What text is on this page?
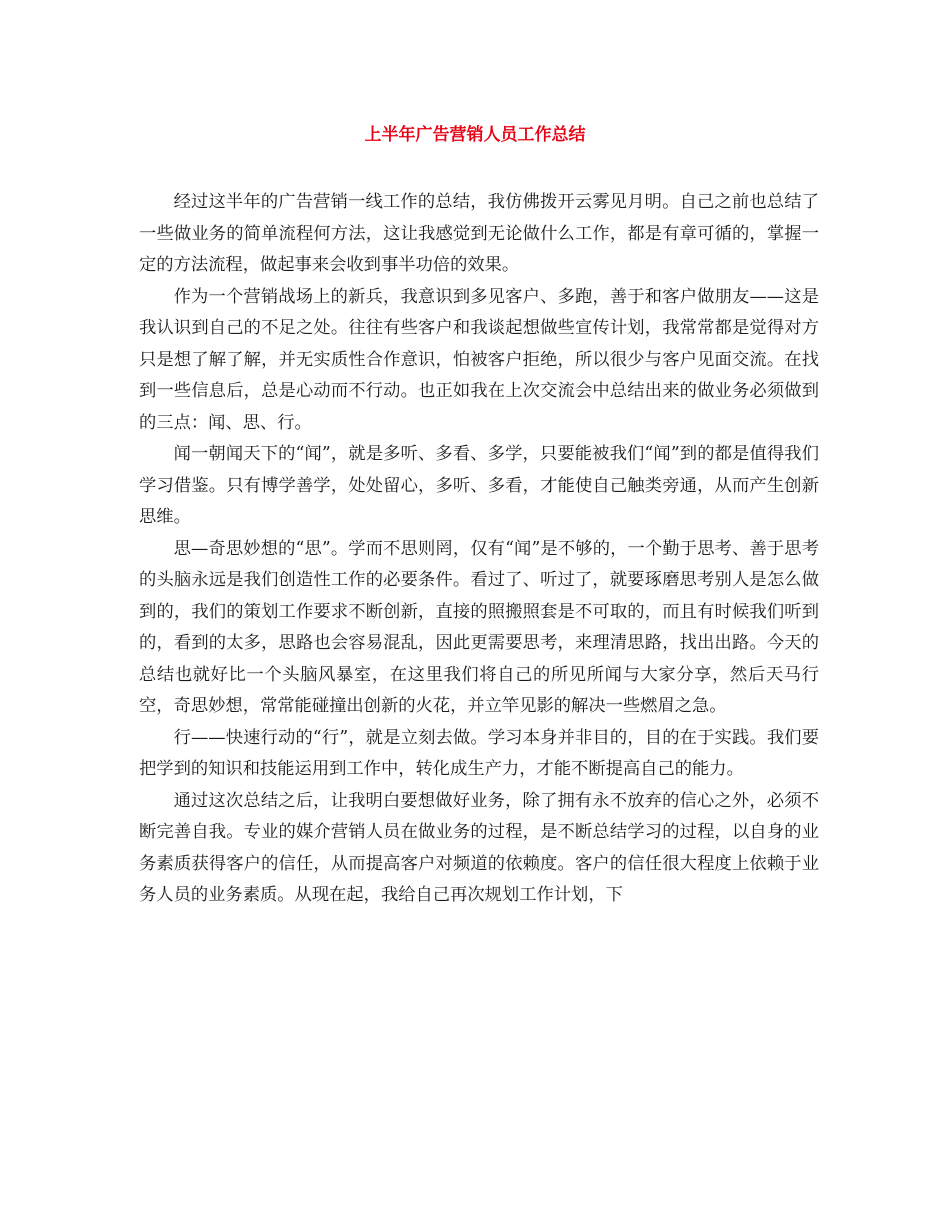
上半年广告营销人员工作总结

经过这半年的广告营销一线工作的总结，我仿佛拨开云雾见月明。自己之前也总结了一些做业务的简单流程何方法，这让我感觉到无论做什么工作，都是有章可循的，掌握一定的方法流程，做起事来会收到事半功倍的效果。

作为一个营销战场上的新兵，我意识到多见客户、多跑，善于和客户做朋友——这是我认识到自己的不足之处。往往有些客户和我谈起想做些宣传计划，我常常都是觉得对方只是想了解了解，并无实质性合作意识，怕被客户拒绝，所以很少与客户见面交流。在找到一些信息后，总是心动而不行动。也正如我在上次交流会中总结出来的做业务必须做到的三点：闻、思、行。

闻一朝闻天下的“闻”，就是多听、多看、多学，只要能被我们“闻”到的都是值得我们学习借鉴。只有博学善学，处处留心，多听、多看，才能使自己触类旁通，从而产生创新思维。

思—奇思妙想的“思”。学而不思则罔，仅有“闻”是不够的，一个勤于思考、善于思考的头脑永远是我们创造性工作的必要条件。看过了、听过了，就要琢磨思考别人是怎么做到的，我们的策划工作要求不断创新，直接的照搬照套是不可取的，而且有时候我们听到的，看到的太多，思路也会容易混乱，因此更需要思考，来理清思路，找出出路。今天的总结也就好比一个头脑风暴室，在这里我们将自己的所见所闻与大家分享，然后天马行空，奇思妙想，常常能碰撞出创新的火花，并立竿见影的解决一些燃眉之急。

行——快速行动的“行”，就是立刻去做。学习本身并非目的，目的在于实践。我们要把学到的知识和技能运用到工作中，转化成生产力，才能不断提高自己的能力。

通过这次总结之后，让我明白要想做好业务，除了拥有永不放弃的信心之外，必须不断完善自我。专业的媒介营销人员在做业务的过程，是不断总结学习的过程，以自身的业务素质获得客户的信任，从而提高客户对频道的依赖度。客户的信任很大程度上依赖于业务人员的业务素质。从现在起，我给自己再次规划工作计划，下
